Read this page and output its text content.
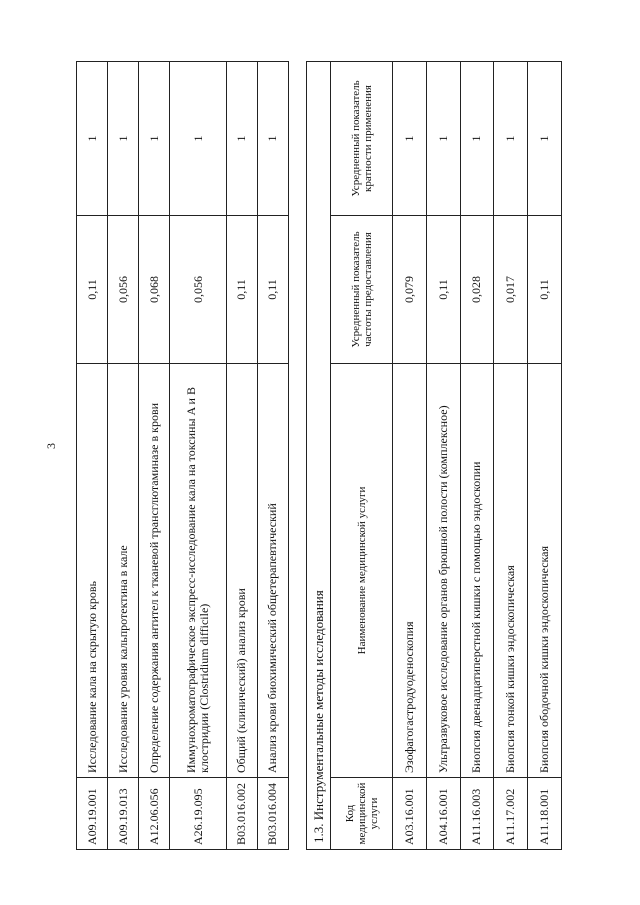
3
A09.19.001	Исследование кала на скрытую кровь	0,11	1
A09.19.013	Исследование уровня кальпротектина в кале	0,056	1
A12.06.056	Определение содержания антител к тканевой трансглютаминазе в крови	0,068	1
A26.19.095	Иммунохроматографическое экспресс-исследование кала на токсины A и B клостридии (Clostridium difficile)	0,056	1
B03.016.002	Общий (клинический) анализ крови	0,11	1
B03.016.004	Анализ крови биохимический общетерапевтический	0,11	1
1.3. Инструментальные методы исследования			
Код медицинской услуги	Наименование медицинской услуги	Усредненный показатель частоты предоставления	Усредненный показатель кратности применения
A03.16.001	Эзофагогастродуоденоскопия	0,079	1
A04.16.001	Ультразвуковое исследование органов брюшной полости (комплексное)	0,11	1
A11.16.003	Биопсия двенадцатиперстной кишки с помощью эндоскопии	0,028	1
A11.17.002	Биопсия тонкой кишки эндоскопическая	0,017	1
A11.18.001	Биопсия ободочной кишки эндоскопическая	0,11	1
